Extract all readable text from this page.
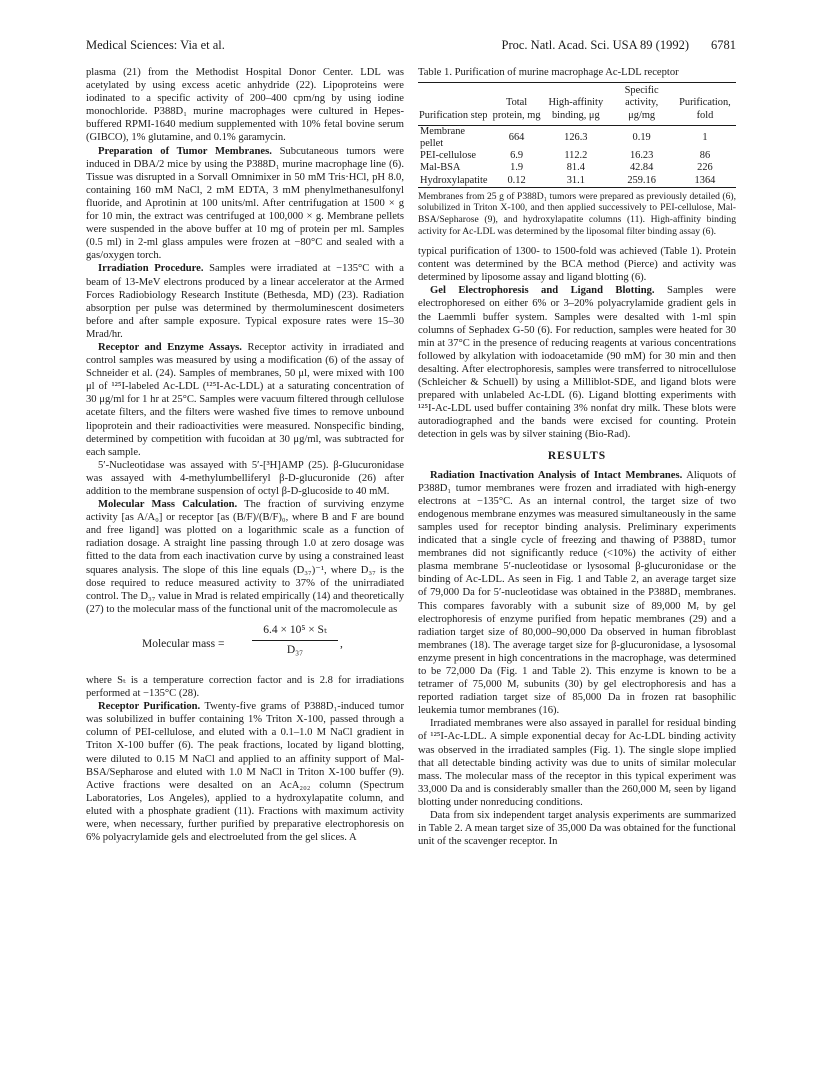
Medical Sciences: Via et al.	Proc. Natl. Acad. Sci. USA 89 (1992) 6781

plasma (21) from the Methodist Hospital Donor Center. LDL was acetylated by using excess acetic anhydride (22). Lipoproteins were iodinated to a specific activity of 200–400 cpm/ng by using iodine monochloride. P388D₁ murine macrophages were cultured in Hepes-buffered RPMI-1640 medium supplemented with 10% fetal bovine serum (GIBCO), 1% glutamine, and 0.1% garamycin.

Preparation of Tumor Membranes. Subcutaneous tumors were induced in DBA/2 mice by using the P388D₁ murine macrophage line (6). Tissue was disrupted in a Sorvall Omnimixer in 50 mM Tris·HCl, pH 8.0, containing 160 mM NaCl, 2 mM EDTA, 3 mM phenylmethanesulfonyl fluoride, and Aprotinin at 100 units/ml. After centrifugation at 1500 × g for 10 min, the extract was centrifuged at 100,000 × g. Membrane pellets were suspended in the above buffer at 10 mg of protein per ml. Samples (0.5 ml) in 2-ml glass ampules were frozen at −80°C and sealed with a gas/oxygen torch.

Irradiation Procedure. Samples were irradiated at −135°C with a beam of 13-MeV electrons produced by a linear accelerator at the Armed Forces Radiobiology Research Institute (Bethesda, MD) (23). Radiation absorption per pulse was determined by thermoluminescent dosimeters before and after sample exposure. Typical exposure rates were 15–30 Mrad/hr.

Receptor and Enzyme Assays. Receptor activity in irradiated and control samples was measured by using a modification (6) of the assay of Schneider et al. (24). Samples of membranes, 50 μl, were mixed with 100 μl of ¹²⁵I-labeled Ac-LDL (¹²⁵I-Ac-LDL) at a saturating concentration of 30 μg/ml for 1 hr at 25°C. Samples were vacuum filtered through cellulose acetate filters, and the filters were washed five times to remove unbound lipoprotein and their radioactivities were measured. Nonspecific binding, determined by competition with fucoidan at 30 μg/ml, was subtracted for each sample.

5′-Nucleotidase was assayed with 5′-[³H]AMP (25). β-Glucuronidase was assayed with 4-methylumbelliferyl β-D-glucuronide (26) after addition to the membrane suspension of octyl β-D-glucoside to 40 mM.

Molecular Mass Calculation. The fraction of surviving enzyme activity [as A/A₀] or receptor [as (B/F)/(B/F)₀, where B and F are bound and free ligand] was plotted on a logarithmic scale as a function of radiation dosage. A straight line passing through 1.0 at zero dosage was fitted to the data from each inactivation curve by using a constrained least squares analysis. The slope of this line equals (D₃₇)⁻¹, where D₃₇ is the dose required to reduce measured activity to 37% of the unirradiated control. The D₃₇ value in Mrad is related empirically (14) and theoretically (27) to the molecular mass of the functional unit of the macromolecule as

Molecular mass = $\frac{\text{6.4 × 10⁵ × Sₜ}}{\text{D₃₇}}$ ,

where Sₜ is a temperature correction factor and is 2.8 for irradiations performed at −135°C (28).

Receptor Purification. Twenty-five grams of P388D₁-induced tumor was solubilized in buffer containing 1% Triton X-100, passed through a column of PEI-cellulose, and eluted with a 0.1–1.0 M NaCl gradient in Triton X-100 buffer (6). The peak fractions, located by ligand blotting, were diluted to 0.15 M NaCl and applied to an affinity support of Mal-BSA/Sepharose and eluted with 1.0 M NaCl in Triton X-100 buffer (9). Active fractions were desalted on an AcA₂₀₂ column (Spectrum Laboratories, Los Angeles), applied to a hydroxylapatite column, and eluted with a phosphate gradient (11). Fractions with maximum activity were, when necessary, further purified by preparative electrophoresis on 6% polyacrylamide gels and electroeluted from the gel slices. A

Table 1. Purification of murine macrophage Ac-LDL receptor
Purification step	Total protein, mg	High-affinity binding, μg	Specific activity, μg/mg	Purification, fold
Membrane pellet	664	126.3	0.19	1
PEI-cellulose	6.9	112.2	16.23	86
Mal-BSA	1.9	81.4	42.84	226
Hydroxylapatite	0.12	31.1	259.16	1364
Membranes from 25 g of P388D₁ tumors were prepared as previously detailed (6), solubilized in Triton X-100, and then applied successively to PEI-cellulose, Mal-BSA/Sepharose (9), and hydroxylapatite columns (11). High-affinity binding activity for Ac-LDL was determined by the liposomal filter binding assay (6).

typical purification of 1300- to 1500-fold was achieved (Table 1). Protein content was determined by the BCA method (Pierce) and activity was determined by liposome assay and ligand blotting (6).

Gel Electrophoresis and Ligand Blotting. Samples were electrophoresed on either 6% or 3–20% polyacrylamide gradient gels in the Laemmli buffer system. Samples were desalted with 1-ml spin columns of Sephadex G-50 (6). For reduction, samples were heated for 30 min at 37°C in the presence of reducing reagents at various concentrations followed by alkylation with iodoacetamide (90 mM) for 30 min and then desalting. After electrophoresis, samples were transferred to nitrocellulose (Schleicher & Schuell) by using a Milliblot-SDE, and ligand blots were prepared with unlabeled Ac-LDL (6). Ligand blotting experiments with ¹²⁵I-Ac-LDL used buffer containing 3% nonfat dry milk. These blots were autoradiographed and the bands were excised for counting. Protein detection in gels was by silver staining (Bio-Rad).

RESULTS

Radiation Inactivation Analysis of Intact Membranes. Aliquots of P388D₁ tumor membranes were frozen and irradiated with high-energy electrons at −135°C. As an internal control, the target size of two endogenous membrane enzymes was measured simultaneously in the same samples used for receptor binding analysis. Preliminary experiments indicated that a single cycle of freezing and thawing of P388D₁ tumor membranes did not significantly reduce (<10%) the activity of either plasma membrane 5′-nucleotidase or lysosomal β-glucuronidase or the binding of Ac-LDL. As seen in Fig. 1 and Table 2, an average target size of 79,000 Da for 5′-nucleotidase was obtained in the P388D₁ membranes. This compares favorably with a subunit size of 89,000 Mᵣ by gel electrophoresis of enzyme purified from hepatic membranes (29) and a radiation target size of 80,000–90,000 Da observed in human fibroblast membranes (18). The average target size for β-glucuronidase, a lysosomal enzyme present in high concentrations in the macrophage, was determined to be 72,000 Da (Fig. 1 and Table 2). This enzyme is known to be a tetramer of 75,000 Mᵣ subunits (30) by gel electrophoresis and has a reported radiation target size of 85,000 Da in frozen rat basophilic leukemia tumor membranes (16).

Irradiated membranes were also assayed in parallel for residual binding of ¹²⁵I-Ac-LDL. A simple exponential decay for Ac-LDL binding activity was observed in the irradiated samples (Fig. 1). The single slope implied that all detectable binding activity was due to units of similar molecular mass. The molecular mass of the receptor in this typical experiment was 33,000 Da and is considerably smaller than the 260,000 Mᵣ seen by ligand blotting under nonreducing conditions.

Data from six independent target analysis experiments are summarized in Table 2. A mean target size of 35,000 Da was obtained for the functional unit of the scavenger receptor. In
